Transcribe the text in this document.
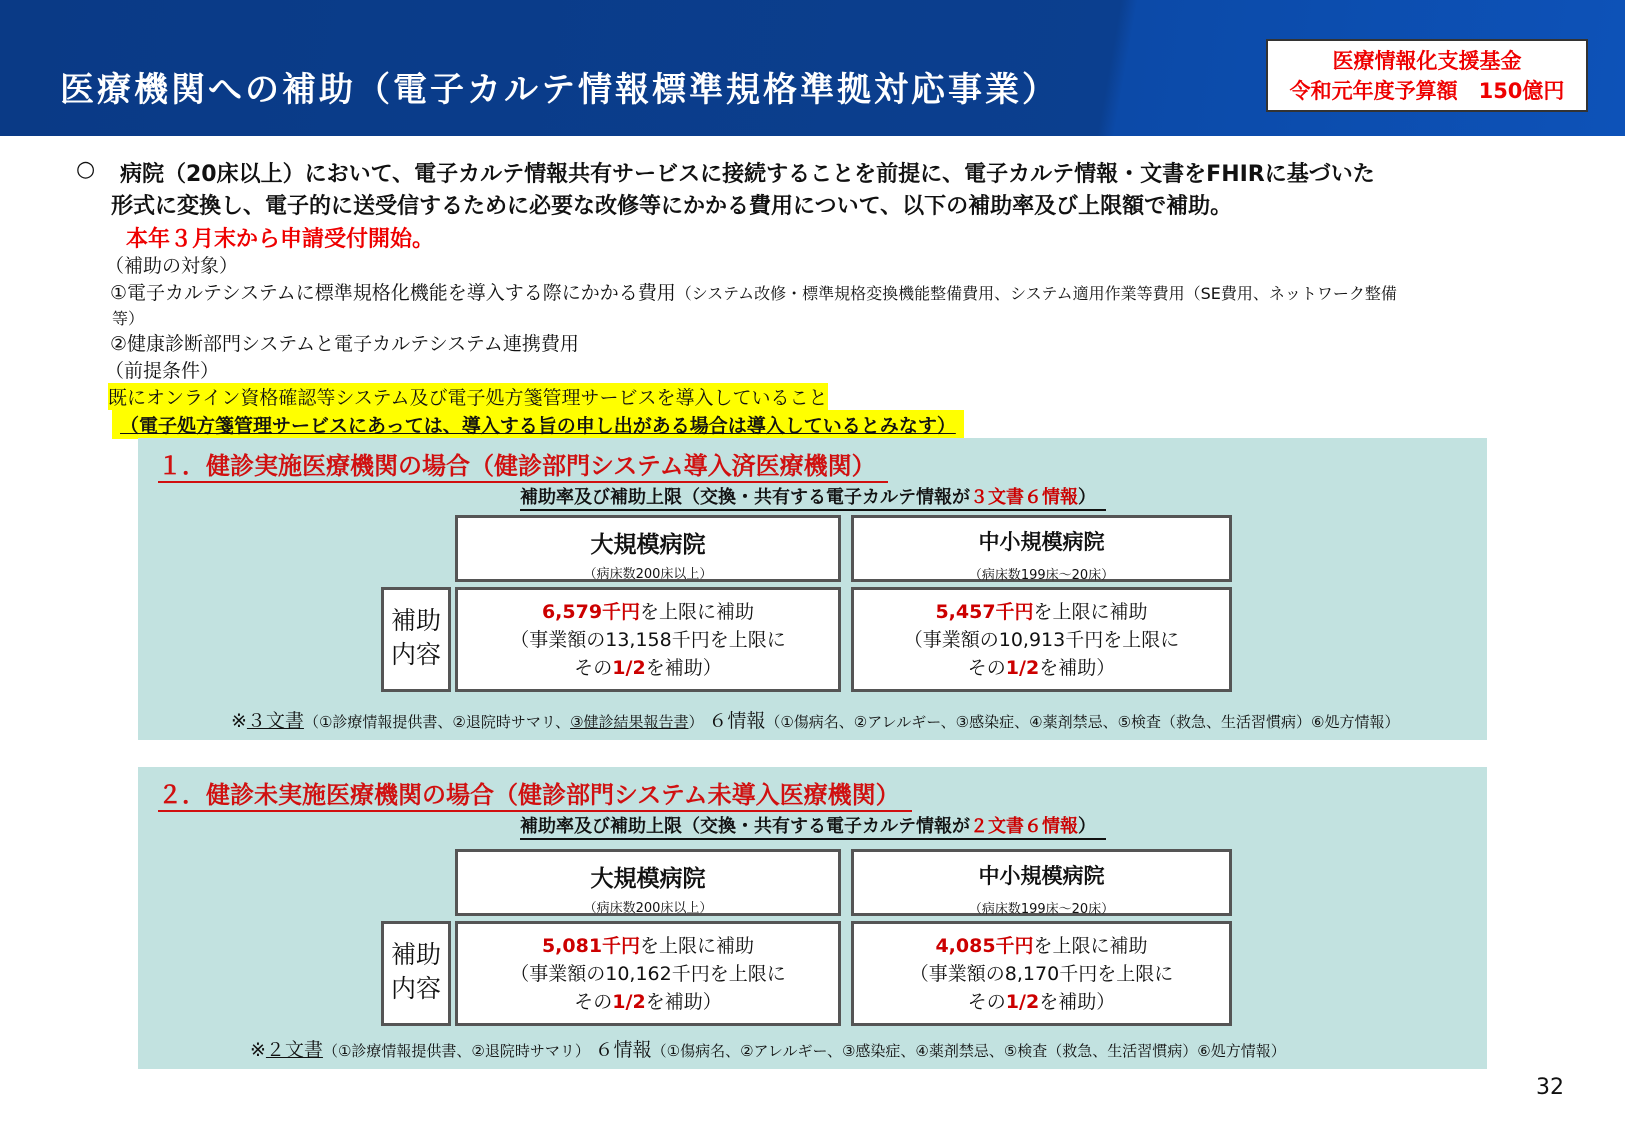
医療機関への補助（電子カルテ情報標準規格準拠対応事業）
医療情報化支援基金
令和元年度予算額　150億円
○ 病院（20床以上）において、電子カルテ情報共有サービスに接続することを前提に、電子カルテ情報・文書をFHIRに基づいた
形式に変換し、電子的に送受信するために必要な改修等にかかる費用について、以下の補助率及び上限額で補助。
本年３月末から申請受付開始。
（補助の対象）
①電子カルテシステムに標準規格化機能を導入する際にかかる費用（システム改修・標準規格変換機能整備費用、システム適用作業等費用（SE費用、ネットワーク整備
等）
②健康診断部門システムと電子カルテシステム連携費用
（前提条件）
既にオンライン資格確認等システム及び電子処方箋管理サービスを導入していること
（電子処方箋管理サービスにあっては、導入する旨の申し出がある場合は導入しているとみなす）
１．健診実施医療機関の場合（健診部門システム導入済医療機関）
補助率及び補助上限（交換・共有する電子カルテ情報が３文書６情報）
大規模病院
（病床数200床以上）
中小規模病院
（病床数199床～20床）
補助
内容
6,579千円を上限に補助
（事業額の13,158千円を上限に
その1/2を補助）
5,457千円を上限に補助
（事業額の10,913千円を上限に
その1/2を補助）
※３文書（①診療情報提供書、②退院時サマリ、③健診結果報告書） ６情報（①傷病名、②アレルギー、③感染症、④薬剤禁忌、⑤検査（救急、生活習慣病）⑥処方情報）
２．健診未実施医療機関の場合（健診部門システム未導入医療機関）
補助率及び補助上限（交換・共有する電子カルテ情報が２文書６情報）
大規模病院
（病床数200床以上）
中小規模病院
（病床数199床～20床）
補助
内容
5,081千円を上限に補助
（事業額の10,162千円を上限に
その1/2を補助）
4,085千円を上限に補助
（事業額の8,170千円を上限に
その1/2を補助）
※２文書（①診療情報提供書、②退院時サマリ） ６情報（①傷病名、②アレルギー、③感染症、④薬剤禁忌、⑤検査（救急、生活習慣病）⑥処方情報）
32
